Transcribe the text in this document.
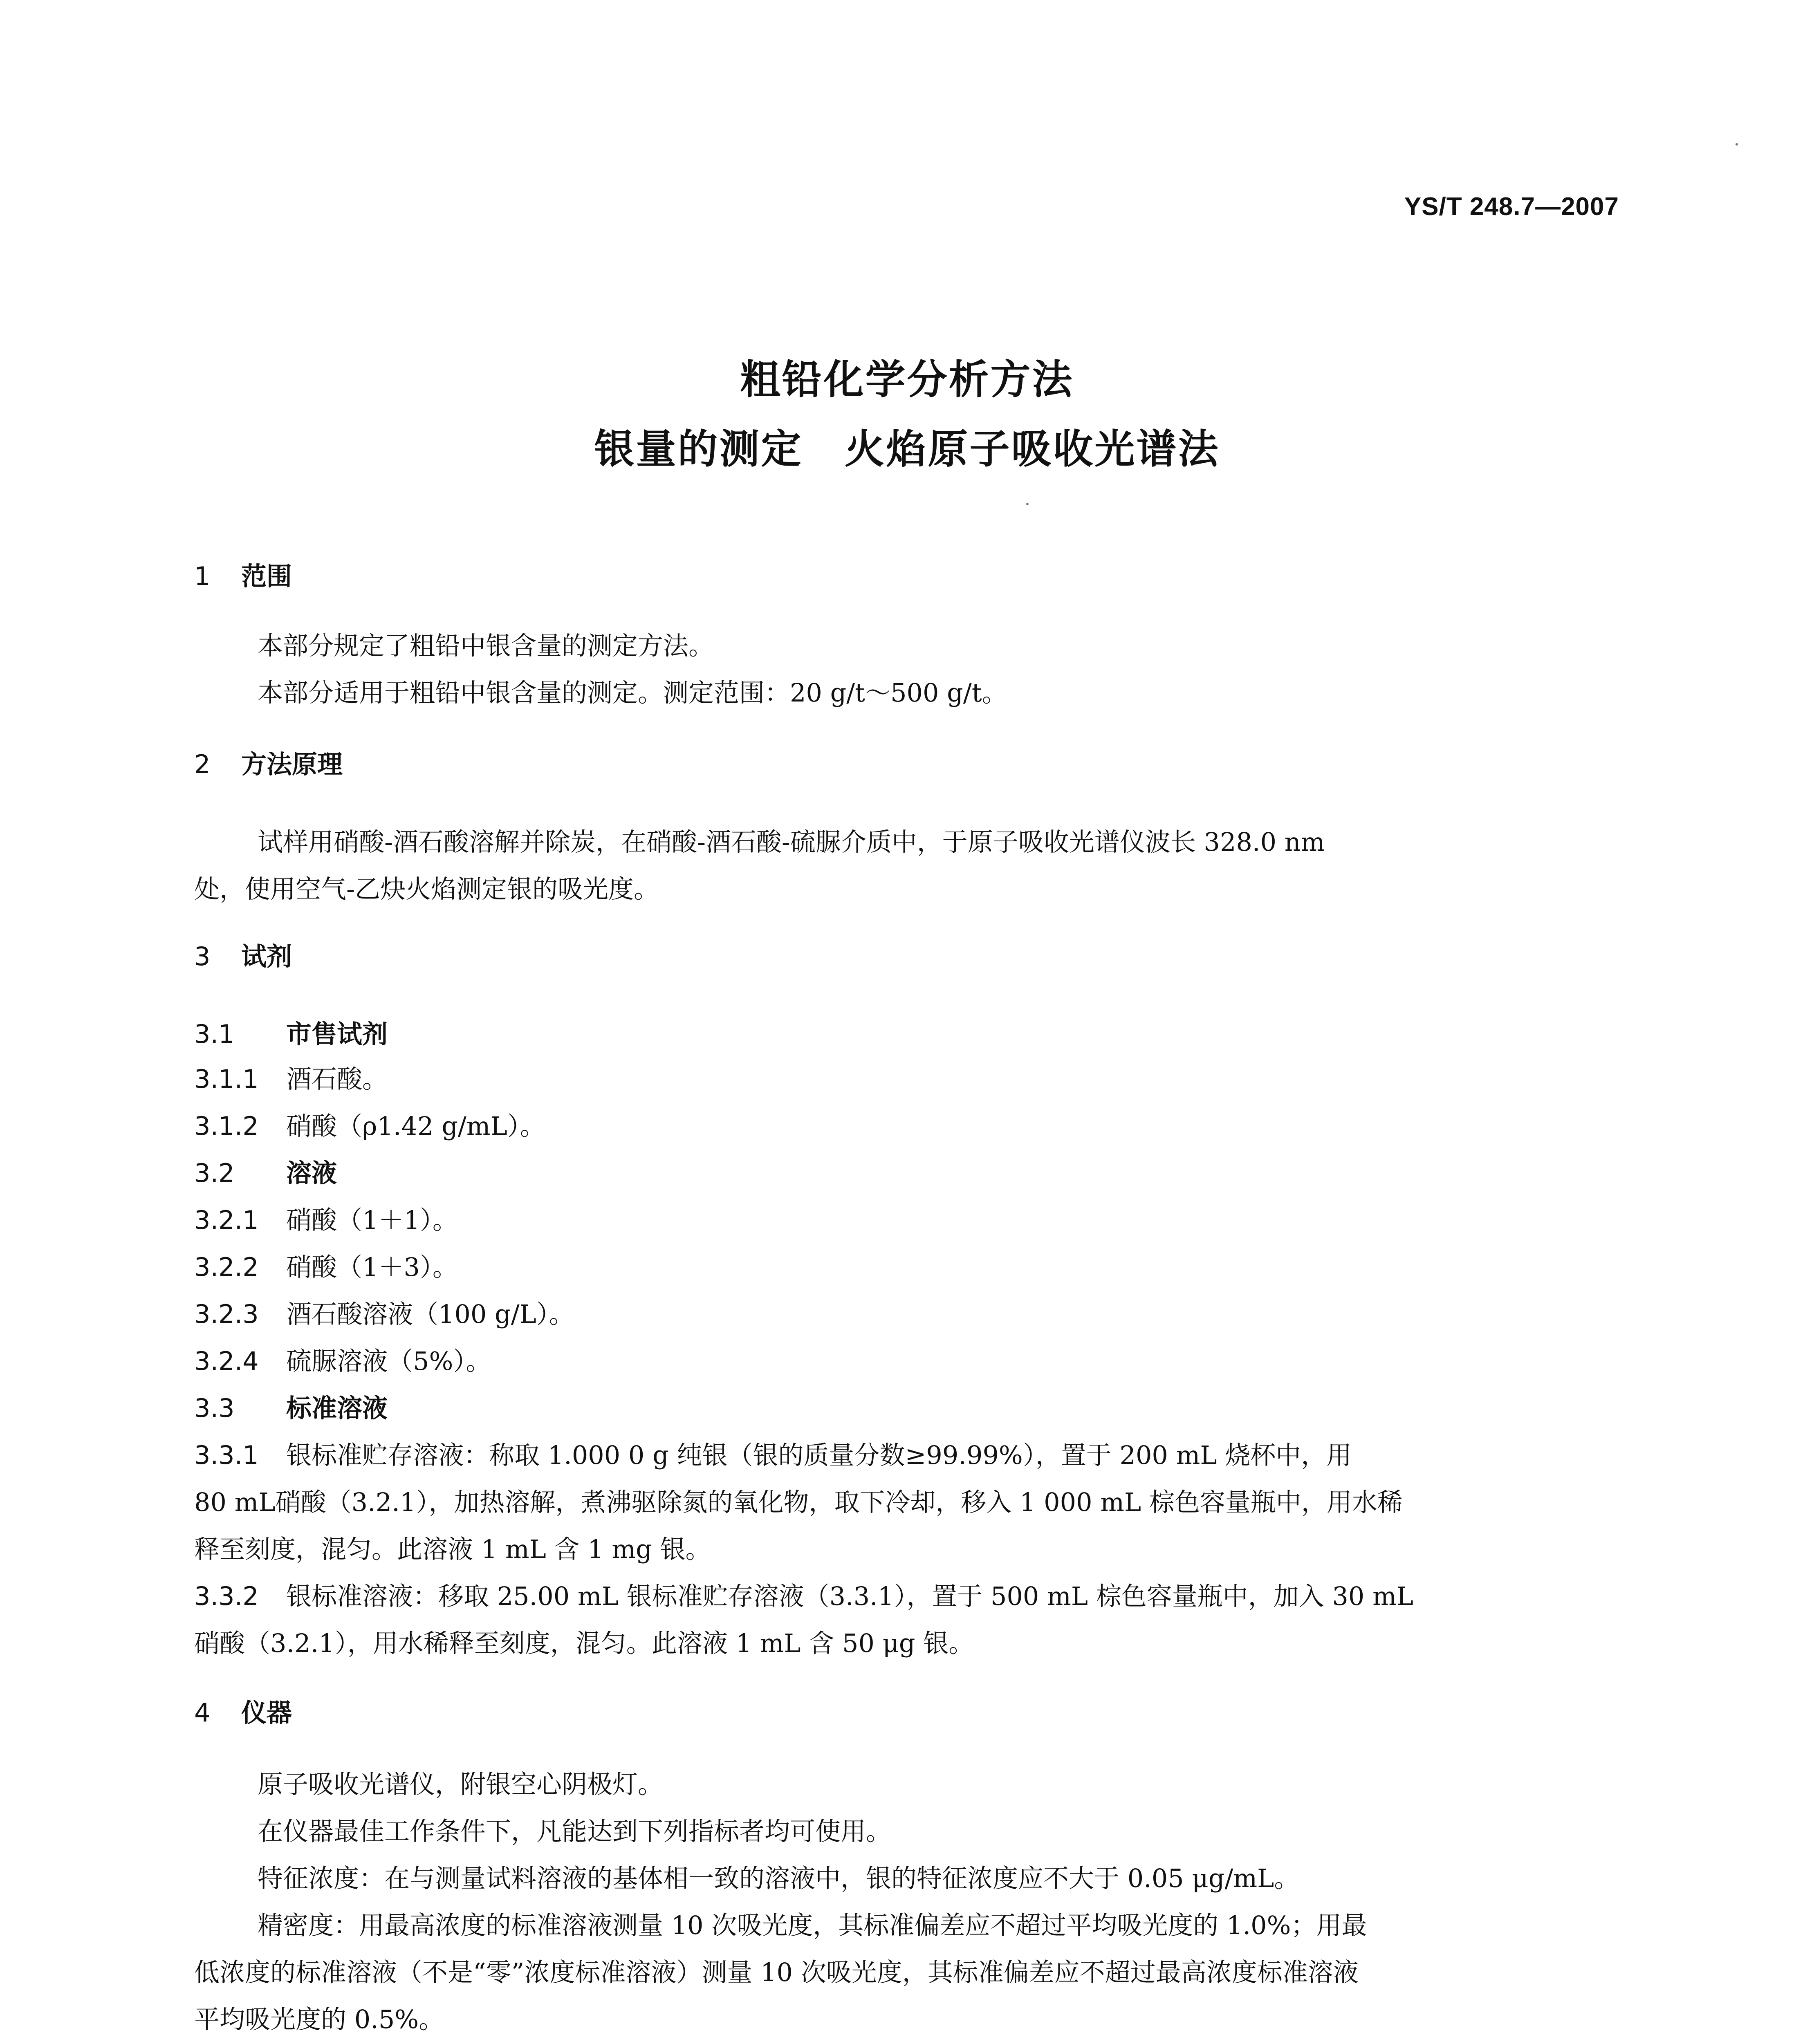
YS/T 248.7—2007
粗铅化学分析方法
银量的测定　火焰原子吸收光谱法
1 范围
本部分规定了粗铅中银含量的测定方法。
本部分适用于粗铅中银含量的测定。测定范围：20 g/t～500 g/t。
2 方法原理
试样用硝酸-酒石酸溶解并除炭，在硝酸-酒石酸-硫脲介质中，于原子吸收光谱仪波长 328.0 nm
处，使用空气-乙炔火焰测定银的吸光度。
3 试剂
3.1 市售试剂
3.1.1 酒石酸。
3.1.2 硝酸（ρ1.42 g/mL）。
3.2 溶液
3.2.1 硝酸（1＋1）。
3.2.2 硝酸（1＋3）。
3.2.3 酒石酸溶液（100 g/L）。
3.2.4 硫脲溶液（5%）。
3.3 标准溶液
3.3.1 银标准贮存溶液：称取 1.000 0 g 纯银（银的质量分数≥99.99%），置于 200 mL 烧杯中，用
80 mL硝酸（3.2.1），加热溶解，煮沸驱除氮的氧化物，取下冷却，移入 1 000 mL 棕色容量瓶中，用水稀
释至刻度，混匀。此溶液 1 mL 含 1 mg 银。
3.3.2 银标准溶液：移取 25.00 mL 银标准贮存溶液（3.3.1），置于 500 mL 棕色容量瓶中，加入 30 mL
硝酸（3.2.1），用水稀释至刻度，混匀。此溶液 1 mL 含 50 μg 银。
4 仪器
原子吸收光谱仪，附银空心阴极灯。
在仪器最佳工作条件下，凡能达到下列指标者均可使用。
特征浓度：在与测量试料溶液的基体相一致的溶液中，银的特征浓度应不大于 0.05 μg/mL。
精密度：用最高浓度的标准溶液测量 10 次吸光度，其标准偏差应不超过平均吸光度的 1.0%；用最
低浓度的标准溶液（不是“零”浓度标准溶液）测量 10 次吸光度，其标准偏差应不超过最高浓度标准溶液
平均吸光度的 0.5%。
